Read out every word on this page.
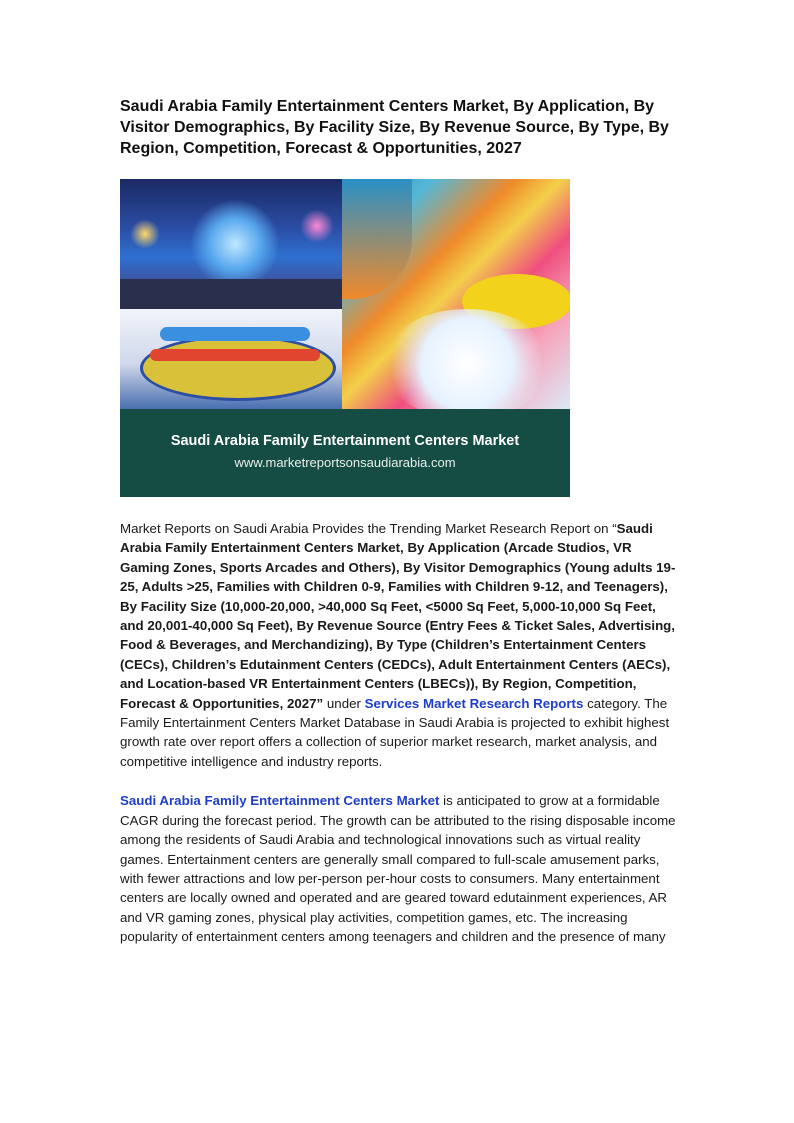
Saudi Arabia Family Entertainment Centers Market, By Application, By Visitor Demographics, By Facility Size, By Revenue Source, By Type, By Region, Competition, Forecast & Opportunities, 2027
Saudi Arabia Family Entertainment Centers Market
www.marketreportsonsaudiarabia.com

Market Reports on Saudi Arabia Provides the Trending Market Research Report on “Saudi Arabia Family Entertainment Centers Market, By Application (Arcade Studios, VR Gaming Zones, Sports Arcades and Others), By Visitor Demographics (Young adults 19-25, Adults >25, Families with Children 0-9, Families with Children 9-12, and Teenagers), By Facility Size (10,000-20,000, >40,000 Sq Feet, <5000 Sq Feet, 5,000-10,000 Sq Feet, and 20,001-40,000 Sq Feet), By Revenue Source (Entry Fees & Ticket Sales, Advertising, Food & Beverages, and Merchandizing), By Type (Children’s Entertainment Centers (CECs), Children’s Edutainment Centers (CEDCs), Adult Entertainment Centers (AECs), and Location-based VR Entertainment Centers (LBECs)), By Region, Competition, Forecast & Opportunities, 2027” under Services Market Research Reports category. The Family Entertainment Centers Market Database in Saudi Arabia is projected to exhibit highest growth rate over report offers a collection of superior market research, market analysis, and competitive intelligence and industry reports.

Saudi Arabia Family Entertainment Centers Market is anticipated to grow at a formidable CAGR during the forecast period. The growth can be attributed to the rising disposable income among the residents of Saudi Arabia and technological innovations such as virtual reality games. Entertainment centers are generally small compared to full-scale amusement parks, with fewer attractions and low per-person per-hour costs to consumers. Many entertainment centers are locally owned and operated and are geared toward edutainment experiences, AR and VR gaming zones, physical play activities, competition games, etc. The increasing popularity of entertainment centers among teenagers and children and the presence of many
